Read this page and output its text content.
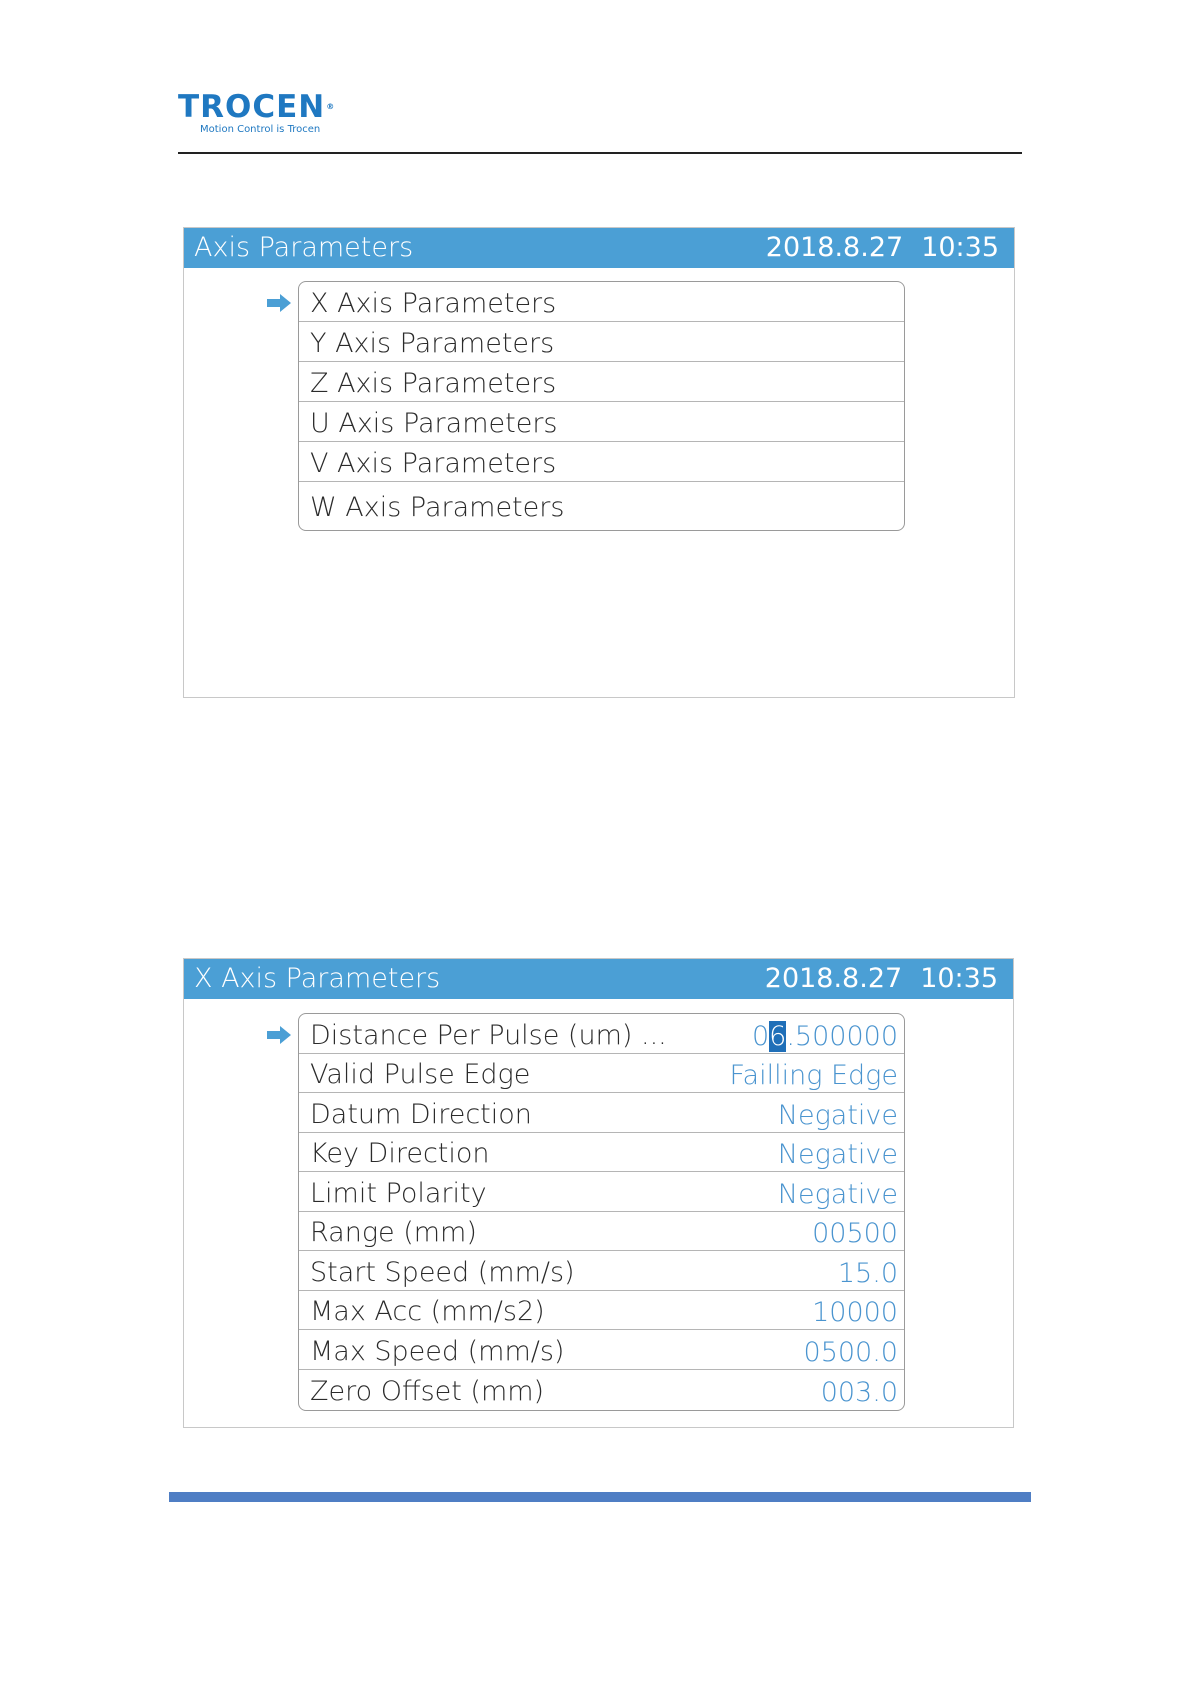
TROCEN®
Motion Control is Trocen
Axis Parameters	2018.8.27 10:35
X Axis Parameters
Y Axis Parameters
Z Axis Parameters
U Axis Parameters
V Axis Parameters
W Axis Parameters
X Axis Parameters	2018.8.27 10:35
Distance Per Pulse (um) ...	06.500000
Valid Pulse Edge	Failling Edge
Datum Direction	Negative
Key Direction	Negative
Limit Polarity	Negative
Range (mm)	00500
Start Speed (mm/s)	15.0
Max Acc (mm/s2)	10000
Max Speed (mm/s)	0500.0
Zero Offset (mm)	003.0
